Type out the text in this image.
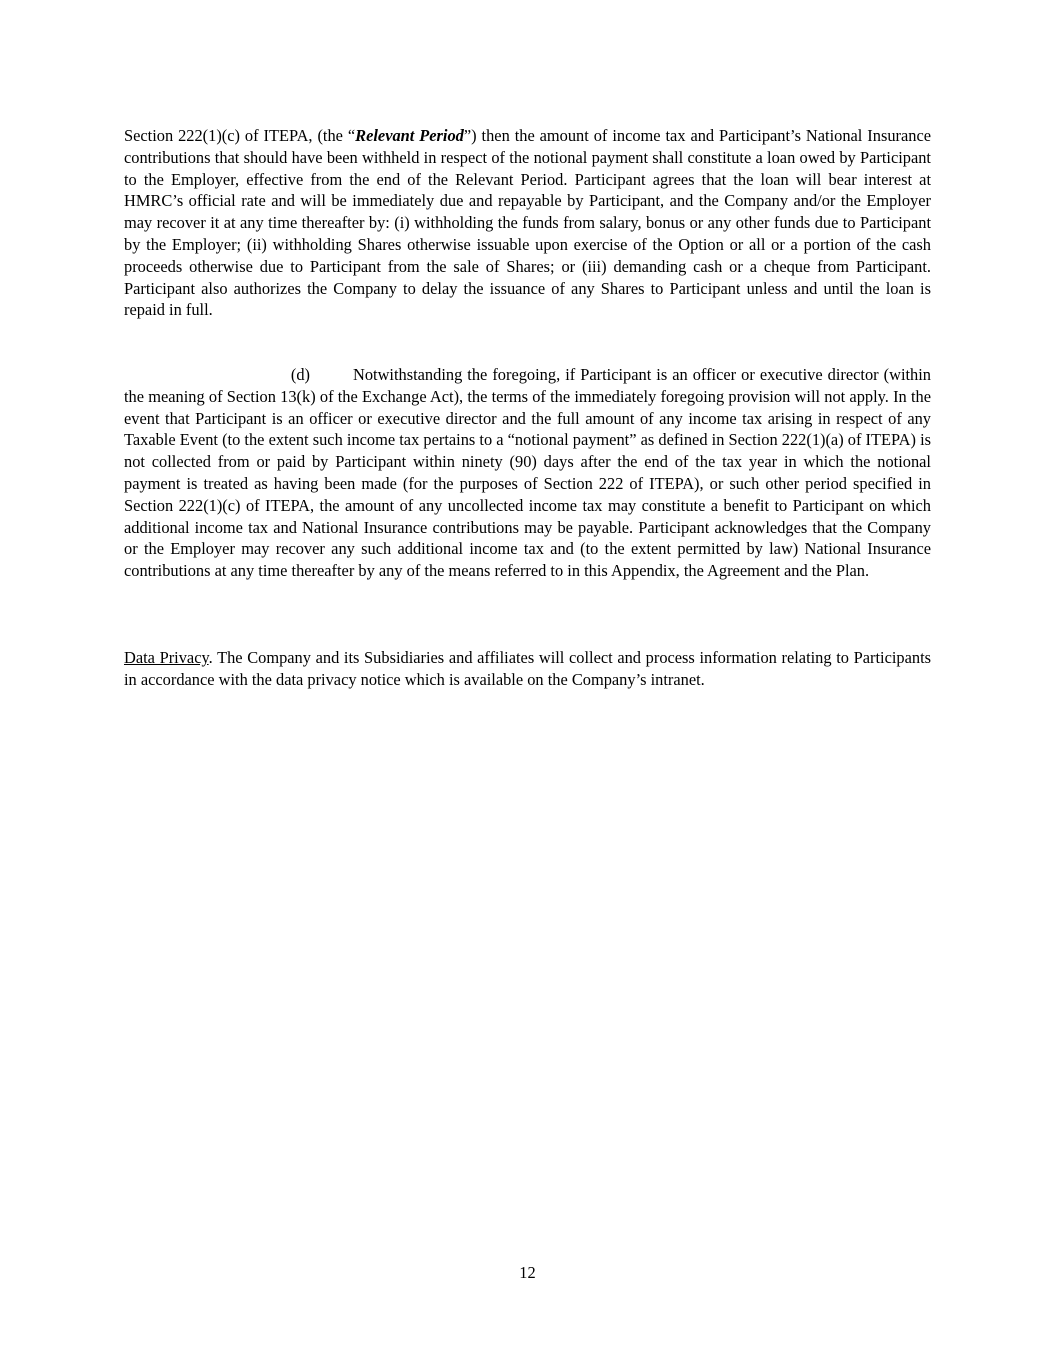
Section 222(1)(c) of ITEPA, (the “Relevant Period”) then the amount of income tax and Participant’s National Insurance contributions that should have been withheld in respect of the notional payment shall constitute a loan owed by Participant to the Employer, effective from the end of the Relevant Period. Participant agrees that the loan will bear interest at HMRC’s official rate and will be immediately due and repayable by Participant, and the Company and/or the Employer may recover it at any time thereafter by: (i) withholding the funds from salary, bonus or any other funds due to Participant by the Employer; (ii) withholding Shares otherwise issuable upon exercise of the Option or all or a portion of the cash proceeds otherwise due to Participant from the sale of Shares; or (iii) demanding cash or a cheque from Participant. Participant also authorizes the Company to delay the issuance of any Shares to Participant unless and until the loan is repaid in full.

(d)	Notwithstanding the foregoing, if Participant is an officer or executive director (within the meaning of Section 13(k) of the Exchange Act), the terms of the immediately foregoing provision will not apply. In the event that Participant is an officer or executive director and the full amount of any income tax arising in respect of any Taxable Event (to the extent such income tax pertains to a “notional payment” as defined in Section 222(1)(a) of ITEPA) is not collected from or paid by Participant within ninety (90) days after the end of the tax year in which the notional payment is treated as having been made (for the purposes of Section 222 of ITEPA), or such other period specified in Section 222(1)(c) of ITEPA, the amount of any uncollected income tax may constitute a benefit to Participant on which additional income tax and National Insurance contributions may be payable. Participant acknowledges that the Company or the Employer may recover any such additional income tax and (to the extent permitted by law) National Insurance contributions at any time thereafter by any of the means referred to in this Appendix, the Agreement and the Plan.

Data Privacy. The Company and its Subsidiaries and affiliates will collect and process information relating to Participants in accordance with the data privacy notice which is available on the Company’s intranet.

12
